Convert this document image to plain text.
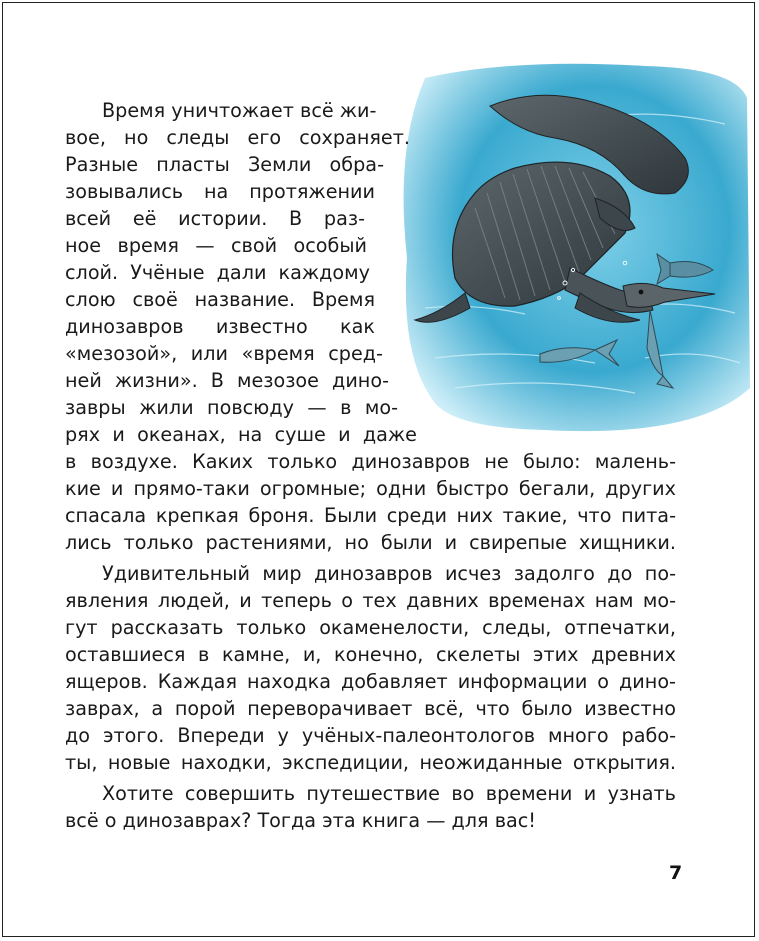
Время уничтожает всё жи-
вое, но следы его сохраняет.
Разные пласты Земли обра-
зовывались на протяжении
всей её истории. В раз-
ное время — свой особый
слой. Учёные дали каждому
слою своё название. Время
динозавров известно как
«мезозой», или «время сред-
ней жизни». В мезозое дино-
завры жили повсюду — в мо-
рях и океанах, на суше и даже
в воздухе. Каких только динозавров не было: малень-
кие и прямо-таки огромные; одни быстро бегали, других
спасала крепкая броня. Были среди них такие, что пита-
лись только растениями, но были и свирепые хищники.
Удивительный мир динозавров исчез задолго до по-
явления людей, и теперь о тех давних временах нам мо-
гут рассказать только окаменелости, следы, отпечатки,
оставшиеся в камне, и, конечно, скелеты этих древних
ящеров. Каждая находка добавляет информации о дино-
заврах, а порой переворачивает всё, что было известно
до этого. Впереди у учёных-палеонтологов много рабо-
ты, новые находки, экспедиции, неожиданные открытия.
Хотите совершить путешествие во времени и узнать
всё о динозаврах? Тогда эта книга — для вас!
7
